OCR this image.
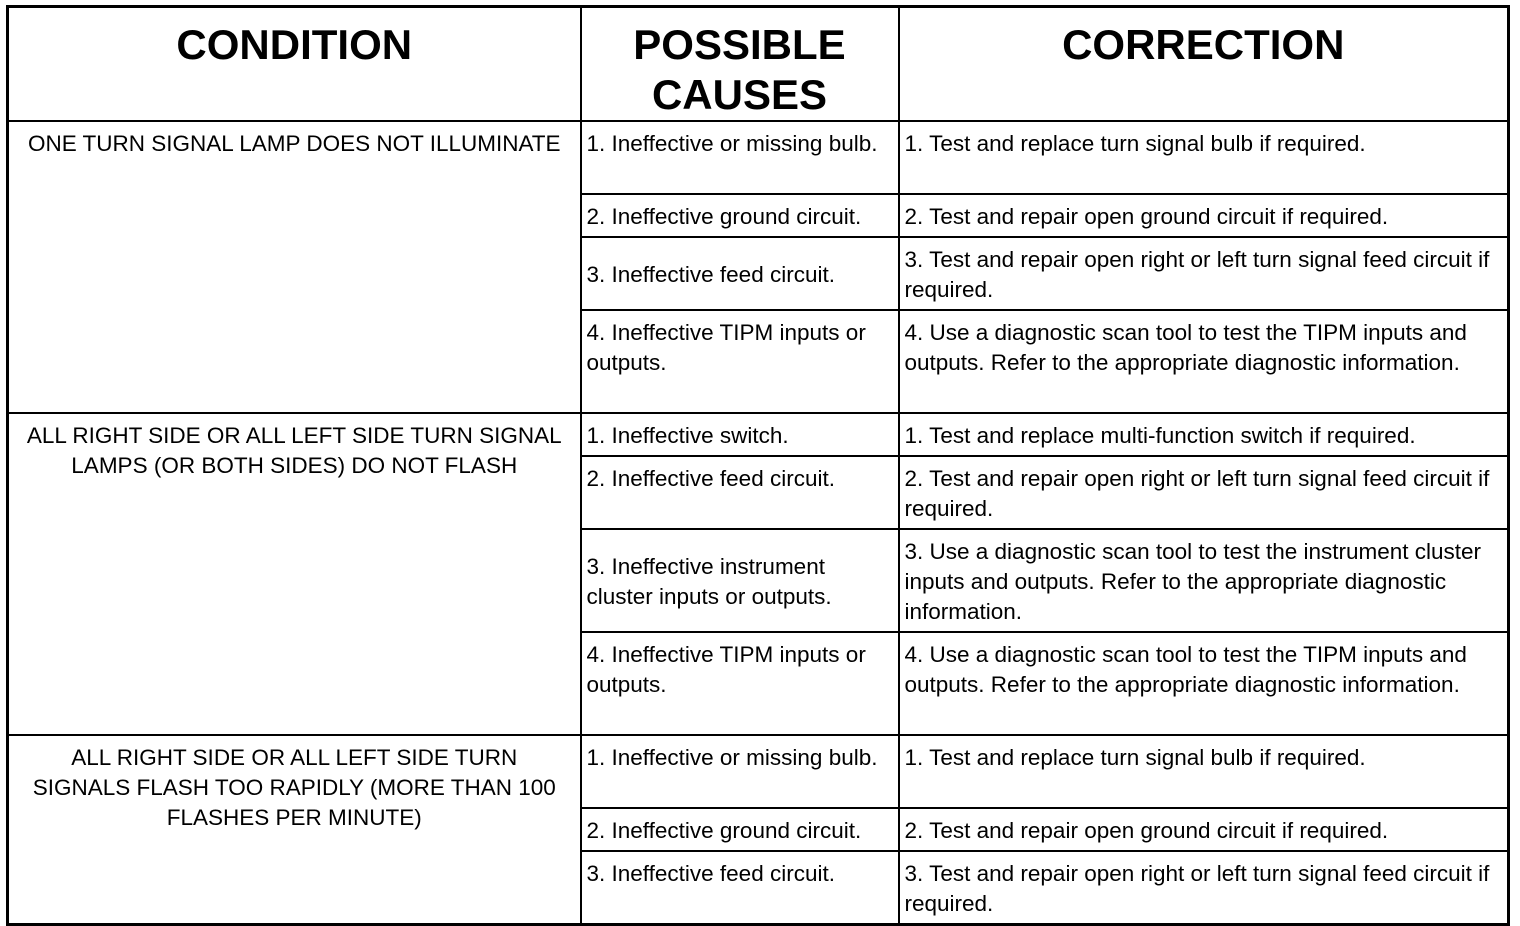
CONDITION	POSSIBLE CAUSES	CORRECTION
ONE TURN SIGNAL LAMP DOES NOT ILLUMINATE	1. Ineffective or missing bulb.	1. Test and replace turn signal bulb if required.
	2. Ineffective ground circuit.	2. Test and repair open ground circuit if required.
	3. Ineffective feed circuit.	3. Test and repair open right or left turn signal feed circuit if required.
	4. Ineffective TIPM inputs or outputs.	4. Use a diagnostic scan tool to test the TIPM inputs and outputs. Refer to the appropriate diagnostic information.
ALL RIGHT SIDE OR ALL LEFT SIDE TURN SIGNAL LAMPS (OR BOTH SIDES) DO NOT FLASH	1. Ineffective switch.	1. Test and replace multi-function switch if required.
	2. Ineffective feed circuit.	2. Test and repair open right or left turn signal feed circuit if required.
	3. Ineffective instrument cluster inputs or outputs.	3. Use a diagnostic scan tool to test the instrument cluster inputs and outputs. Refer to the appropriate diagnostic information.
	4. Ineffective TIPM inputs or outputs.	4. Use a diagnostic scan tool to test the TIPM inputs and outputs. Refer to the appropriate diagnostic information.
ALL RIGHT SIDE OR ALL LEFT SIDE TURN SIGNALS FLASH TOO RAPIDLY (MORE THAN 100 FLASHES PER MINUTE)	1. Ineffective or missing bulb.	1. Test and replace turn signal bulb if required.
	2. Ineffective ground circuit.	2. Test and repair open ground circuit if required.
	3. Ineffective feed circuit.	3. Test and repair open right or left turn signal feed circuit if required.
